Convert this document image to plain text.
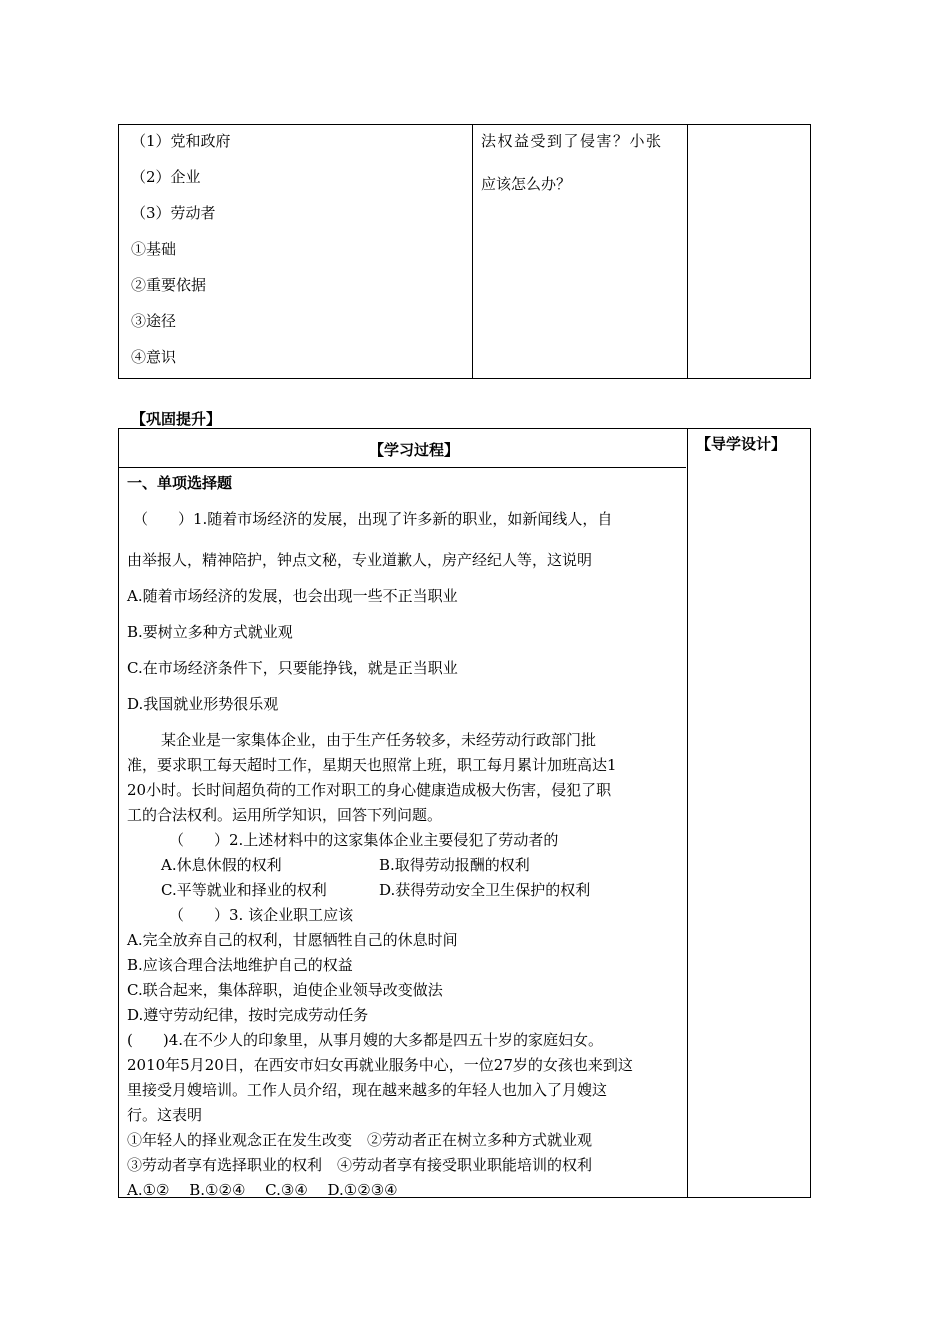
（1）党和政府
（2）企业
（3）劳动者
①基础
②重要依据
③途径
④意识
法权益受到了侵害？小张
应该怎么办？
【巩固提升】
【学习过程】	【导学设计】
一、单项选择题
（　　）1.随着市场经济的发展，出现了许多新的职业，如新闻线人，自
由举报人，精神陪护，钟点文秘，专业道歉人，房产经纪人等，这说明
A.随着市场经济的发展，也会出现一些不正当职业
B.要树立多种方式就业观
C.在市场经济条件下，只要能挣钱，就是正当职业
D.我国就业形势很乐观
某企业是一家集体企业，由于生产任务较多，未经劳动行政部门批
准，要求职工每天超时工作，星期天也照常上班，职工每月累计加班高达1
20小时。长时间超负荷的工作对职工的身心健康造成极大伤害，侵犯了职
工的合法权利。运用所学知识，回答下列问题。
（　　）2.上述材料中的这家集体企业主要侵犯了劳动者的
A.休息休假的权利	B.取得劳动报酬的权利
C.平等就业和择业的权利	D.获得劳动安全卫生保护的权利
（　　）3. 该企业职工应该
A.完全放弃自己的权利，甘愿牺牲自己的休息时间
B.应该合理合法地维护自己的权益
C.联合起来，集体辞职，迫使企业领导改变做法
D.遵守劳动纪律，按时完成劳动任务
(　　)4.在不少人的印象里，从事月嫂的大多都是四五十岁的家庭妇女。
2010年5月20日，在西安市妇女再就业服务中心，一位27岁的女孩也来到这
里接受月嫂培训。工作人员介绍，现在越来越多的年轻人也加入了月嫂这
行。这表明
①年轻人的择业观念正在发生改变　②劳动者正在树立多种方式就业观
③劳动者享有选择职业的权利　④劳动者享有接受职业职能培训的权利
A.①②　 B.①②④　 C.③④　 D.①②③④
